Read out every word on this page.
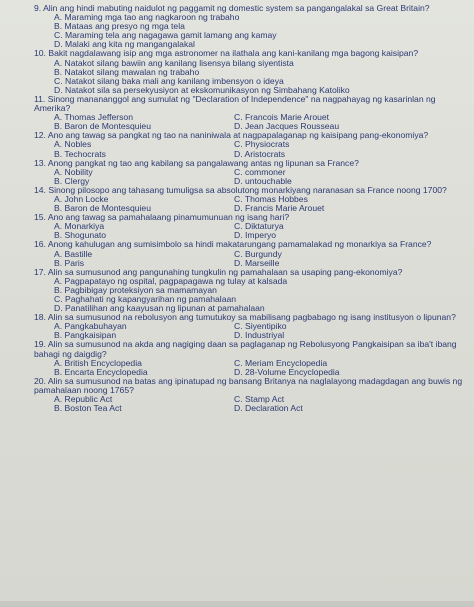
9. Alin ang hindi mabuting naidulot ng paggamit ng domestic system sa pangangalakal sa Great Britain?
A. Maraming mga tao ang nagkaroon ng trabaho
B. Mataas ang presyo ng mga tela
C. Maraming tela ang nagagawa gamit lamang ang kamay
D. Malaki ang kita ng mangangalakal
10. Bakit nagdalawang isip ang mga astronomer na ilathala ang kani-kanilang mga bagong kaisipan?
A. Natakot silang bawiin ang kanilang lisensya bilang siyentista
B. Natakot silang mawalan ng trabaho
C. Natakot silang baka mali ang kanilang imbensyon o ideya
D. Natakot sila sa persekyusiyon at ekskomunikasyon ng Simbahang Katoliko
11. Sinong manananggol ang sumulat ng "Declaration of Independence" na nagpahayag ng kasarinlan ng Amerika?
A. Thomas Jefferson	C. Francois Marie Arouet
B. Baron de Montesquieu	D. Jean Jacques Rousseau
12. Ano ang tawag sa pangkat ng tao na naniniwala at nagpapalaganap ng kaisipang pang-ekonomiya?
A. Nobles	C. Physiocrats
B. Techocrats	D. Aristocrats
13. Anong pangkat ng tao ang kabilang sa pangalawang antas ng lipunan sa France?
A. Nobility	C. commoner
B. Clergy	D. untouchable
14. Sinong pilosopo ang tahasang tumuligsa sa absolutong monarkiyang naranasan sa France noong 1700?
A. John Locke	C. Thomas Hobbes
B. Baron de Montesquieu	D. Francis Marie Arouet
15. Ano ang tawag sa pamahalaang pinamumunuan ng isang hari?
A. Monarkiya	C. Diktaturya
B. Shogunato	D. Imperyo
16. Anong kahulugan ang sumisimbolo sa hindi makatarungang pamamalakad ng monarkiya sa France?
A. Bastille	C. Burgundy
B. Paris	D. Marseille
17. Alin sa sumusunod ang pangunahing tungkulin ng pamahalaan sa usaping pang-ekonomiya?
A. Pagpapatayo ng ospital, pagpapagawa ng tulay at kalsada
B. Pagbibigay proteksiyon sa mamamayan
C. Paghahati ng kapangyarihan ng pamahalaan
D. Panatilihan ang kaayusan ng lipunan at pamahalaan
18. Alin sa sumusunod na rebolusyon ang tumutukoy sa mabilisang pagbabago ng isang institusyon o lipunan?
A. Pangkabuhayan	C. Siyentipiko
B. Pangkaisipan	D. Industriyal
19. Alin sa sumusunod na akda ang nagiging daan sa paglaganap ng Rebolusyong Pangkaisipan sa iba't ibang bahagi ng daigdig?
A. British Encyclopedia	C. Meriam Encyclopedia
B. Encarta Encyclopedia	D. 28-Volume Encyclopedia
20. Alin sa sumusunod na batas ang ipinatupad ng bansang Britanya na naglalayong madagdagan ang buwis ng pamahalaan noong 1765?
A. Republic Act	C. Stamp Act
B. Boston Tea Act	D. Declaration Act
